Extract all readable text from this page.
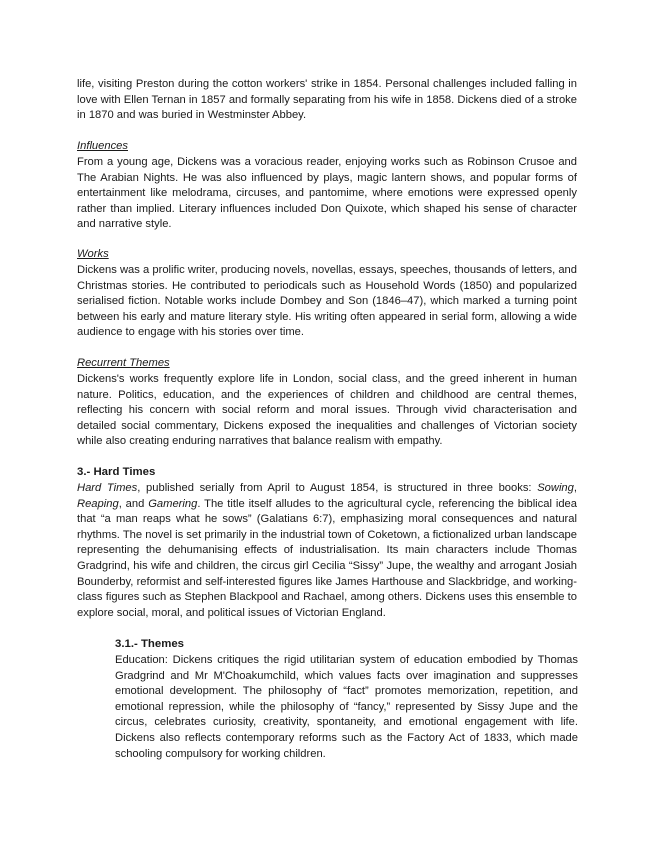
life, visiting Preston during the cotton workers' strike in 1854. Personal challenges included falling in love with Ellen Ternan in 1857 and formally separating from his wife in 1858. Dickens died of a stroke in 1870 and was buried in Westminster Abbey.

Influences

From a young age, Dickens was a voracious reader, enjoying works such as Robinson Crusoe and The Arabian Nights. He was also influenced by plays, magic lantern shows, and popular forms of entertainment like melodrama, circuses, and pantomime, where emotions were expressed openly rather than implied. Literary influences included Don Quixote, which shaped his sense of character and narrative style.

Works

Dickens was a prolific writer, producing novels, novellas, essays, speeches, thousands of letters, and Christmas stories. He contributed to periodicals such as Household Words (1850) and popularized serialised fiction. Notable works include Dombey and Son (1846–47), which marked a turning point between his early and mature literary style. His writing often appeared in serial form, allowing a wide audience to engage with his stories over time.

Recurrent Themes

Dickens's works frequently explore life in London, social class, and the greed inherent in human nature. Politics, education, and the experiences of children and childhood are central themes, reflecting his concern with social reform and moral issues. Through vivid characterisation and detailed social commentary, Dickens exposed the inequalities and challenges of Victorian society while also creating enduring narratives that balance realism with empathy.

3.- Hard Times

Hard Times, published serially from April to August 1854, is structured in three books: Sowing, Reaping, and Gamering. The title itself alludes to the agricultural cycle, referencing the biblical idea that “a man reaps what he sows” (Galatians 6:7), emphasizing moral consequences and natural rhythms. The novel is set primarily in the industrial town of Coketown, a fictionalized urban landscape representing the dehumanising effects of industrialisation. Its main characters include Thomas Gradgrind, his wife and children, the circus girl Cecilia “Sissy” Jupe, the wealthy and arrogant Josiah Bounderby, reformist and self-interested figures like James Harthouse and Slackbridge, and working-class figures such as Stephen Blackpool and Rachael, among others. Dickens uses this ensemble to explore social, moral, and political issues of Victorian England.

3.1.- Themes

Education: Dickens critiques the rigid utilitarian system of education embodied by Thomas Gradgrind and Mr M'Choakumchild, which values facts over imagination and suppresses emotional development. The philosophy of “fact” promotes memorization, repetition, and emotional repression, while the philosophy of “fancy,” represented by Sissy Jupe and the circus, celebrates curiosity, creativity, spontaneity, and emotional engagement with life. Dickens also reflects contemporary reforms such as the Factory Act of 1833, which made schooling compulsory for working children.
